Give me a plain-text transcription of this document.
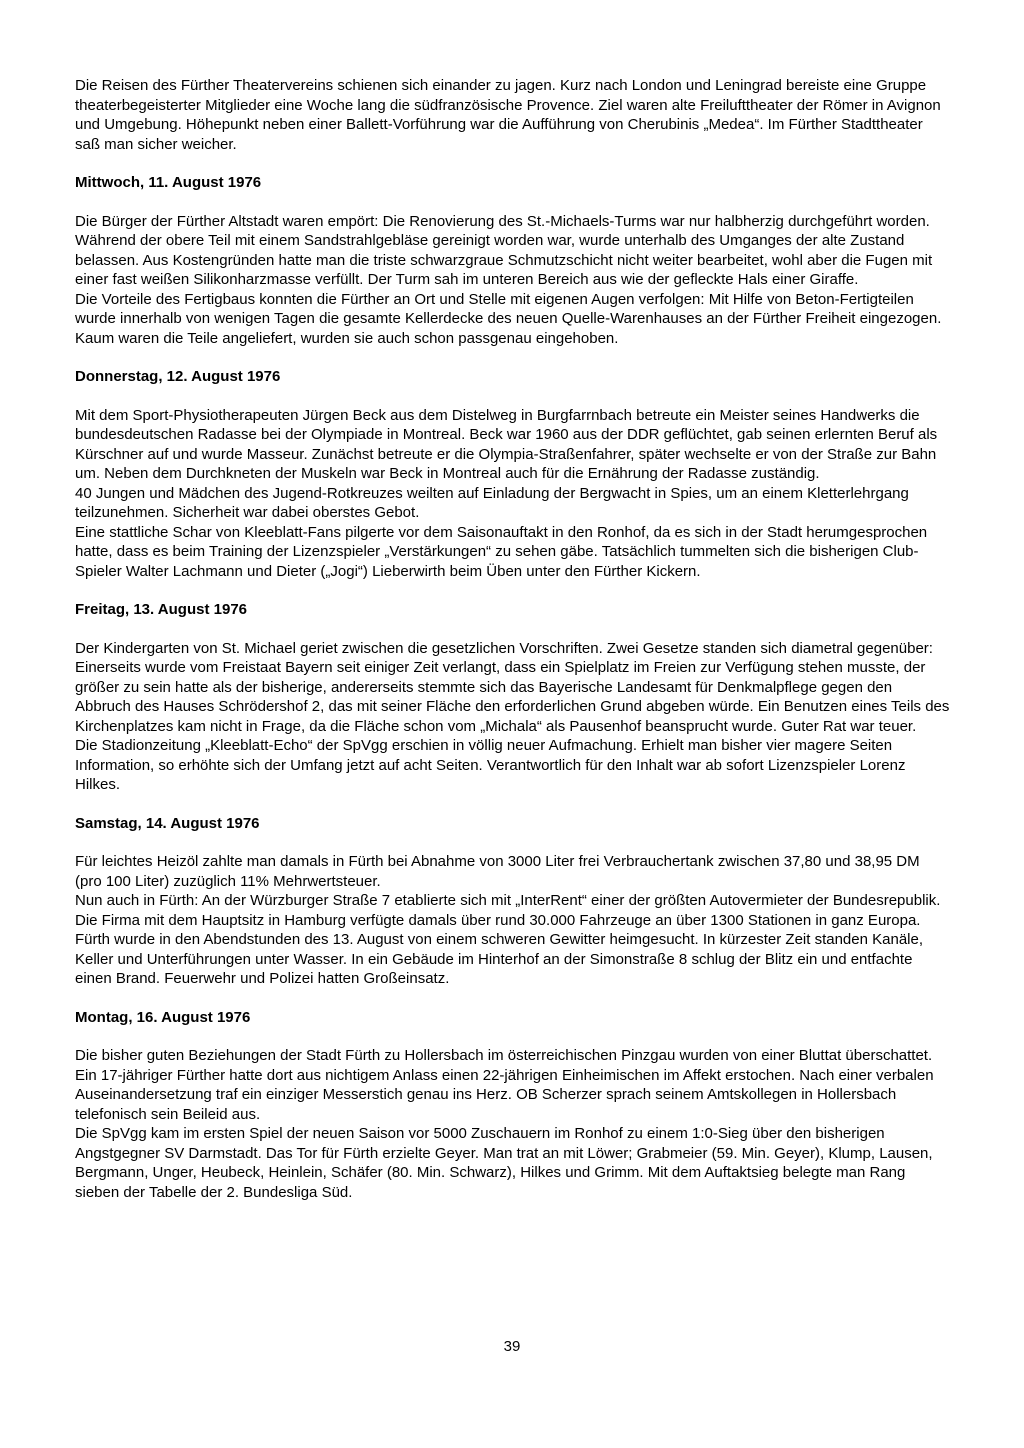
Die Reisen des Fürther Theatervereins schienen sich einander zu jagen. Kurz nach London und Leningrad bereiste eine Gruppe theaterbegeisterter Mitglieder eine Woche lang die südfranzösische Provence. Ziel waren alte Freilufttheater der Römer in Avignon und Umgebung. Höhepunkt neben einer Ballett-Vorführung war die Aufführung von Cherubinis „Medea“. Im Fürther Stadttheater saß man sicher weicher.

Mittwoch, 11. August 1976

Die Bürger der Fürther Altstadt waren empört: Die Renovierung des St.-Michaels-Turms war nur halbherzig durchgeführt worden. Während der obere Teil mit einem Sandstrahlgebläse gereinigt worden war, wurde unterhalb des Umganges der alte Zustand belassen. Aus Kostengründen hatte man die triste schwarzgraue Schmutzschicht nicht weiter bearbeitet, wohl aber die Fugen mit einer fast weißen Silikonharzmasse verfüllt. Der Turm sah im unteren Bereich aus wie der gefleckte Hals einer Giraffe.

Die Vorteile des Fertigbaus konnten die Fürther an Ort und Stelle mit eigenen Augen verfolgen: Mit Hilfe von Beton-Fertigteilen wurde innerhalb von wenigen Tagen die gesamte Kellerdecke des neuen Quelle-Warenhauses an der Fürther Freiheit eingezogen. Kaum waren die Teile angeliefert, wurden sie auch schon passgenau eingehoben.

Donnerstag, 12. August 1976

Mit dem Sport-Physiotherapeuten Jürgen Beck aus dem Distelweg in Burgfarrnbach betreute ein Meister seines Handwerks die bundesdeutschen Radasse bei der Olympiade in Montreal. Beck war 1960 aus der DDR geflüchtet, gab seinen erlernten Beruf als Kürschner auf und wurde Masseur. Zunächst betreute er die Olympia-Straßenfahrer, später wechselte er von der Straße zur Bahn um. Neben dem Durchkneten der Muskeln war Beck in Montreal auch für die Ernährung der Radasse zuständig.

40 Jungen und Mädchen des Jugend-Rotkreuzes weilten auf Einladung der Bergwacht in Spies, um an einem Kletterlehrgang teilzunehmen. Sicherheit war dabei oberstes Gebot.

Eine stattliche Schar von Kleeblatt-Fans pilgerte vor dem Saisonauftakt in den Ronhof, da es sich in der Stadt herumgesprochen hatte, dass es beim Training der Lizenzspieler „Verstärkungen“ zu sehen gäbe. Tatsächlich tummelten sich die bisherigen Club-Spieler Walter Lachmann und Dieter („Jogi“) Lieberwirth beim Üben unter den Fürther Kickern.

Freitag, 13. August 1976

Der Kindergarten von St. Michael geriet zwischen die gesetzlichen Vorschriften. Zwei Gesetze standen sich diametral gegenüber: Einerseits wurde vom Freistaat Bayern seit einiger Zeit verlangt, dass ein Spielplatz im Freien zur Verfügung stehen musste, der größer zu sein hatte als der bisherige, andererseits stemmte sich das Bayerische Landesamt für Denkmalpflege gegen den Abbruch des Hauses Schrödershof 2, das mit seiner Fläche den erforderlichen Grund abgeben würde. Ein Benutzen eines Teils des Kirchenplatzes kam nicht in Frage, da die Fläche schon vom „Michala“ als Pausenhof beansprucht wurde. Guter Rat war teuer.

Die Stadionzeitung „Kleeblatt-Echo“ der SpVgg erschien in völlig neuer Aufmachung. Erhielt man bisher vier magere Seiten Information, so erhöhte sich der Umfang jetzt auf acht Seiten. Verantwortlich für den Inhalt war ab sofort Lizenzspieler Lorenz Hilkes.

Samstag, 14. August 1976

Für leichtes Heizöl zahlte man damals in Fürth bei Abnahme von 3000 Liter frei Verbrauchertank zwischen 37,80 und 38,95 DM (pro 100 Liter) zuzüglich 11% Mehrwertsteuer.

Nun auch in Fürth: An der Würzburger Straße 7 etablierte sich mit „InterRent“ einer der größten Autovermieter der Bundesrepublik. Die Firma mit dem Hauptsitz in Hamburg verfügte damals über rund 30.000 Fahrzeuge an über 1300 Stationen in ganz Europa.

Fürth wurde in den Abendstunden des 13. August von einem schweren Gewitter heimgesucht. In kürzester Zeit standen Kanäle, Keller und Unterführungen unter Wasser. In ein Gebäude im Hinterhof an der Simonstraße 8 schlug der Blitz ein und entfachte einen Brand. Feuerwehr und Polizei hatten Großeinsatz.

Montag, 16. August 1976

Die bisher guten Beziehungen der Stadt Fürth zu Hollersbach im österreichischen Pinzgau wurden von einer Bluttat überschattet. Ein 17-jähriger Fürther hatte dort aus nichtigem Anlass einen 22-jährigen Einheimischen im Affekt erstochen. Nach einer verbalen Auseinandersetzung traf ein einziger Messerstich genau ins Herz. OB Scherzer sprach seinem Amtskollegen in Hollersbach telefonisch sein Beileid aus.

Die SpVgg kam im ersten Spiel der neuen Saison vor 5000 Zuschauern im Ronhof zu einem 1:0-Sieg über den bisherigen Angstgegner SV Darmstadt. Das Tor für Fürth erzielte Geyer. Man trat an mit Löwer; Grabmeier (59. Min. Geyer), Klump, Lausen, Bergmann, Unger, Heubeck, Heinlein, Schäfer (80. Min. Schwarz), Hilkes und Grimm. Mit dem Auftaktsieg belegte man Rang sieben der Tabelle der 2. Bundesliga Süd.

39
